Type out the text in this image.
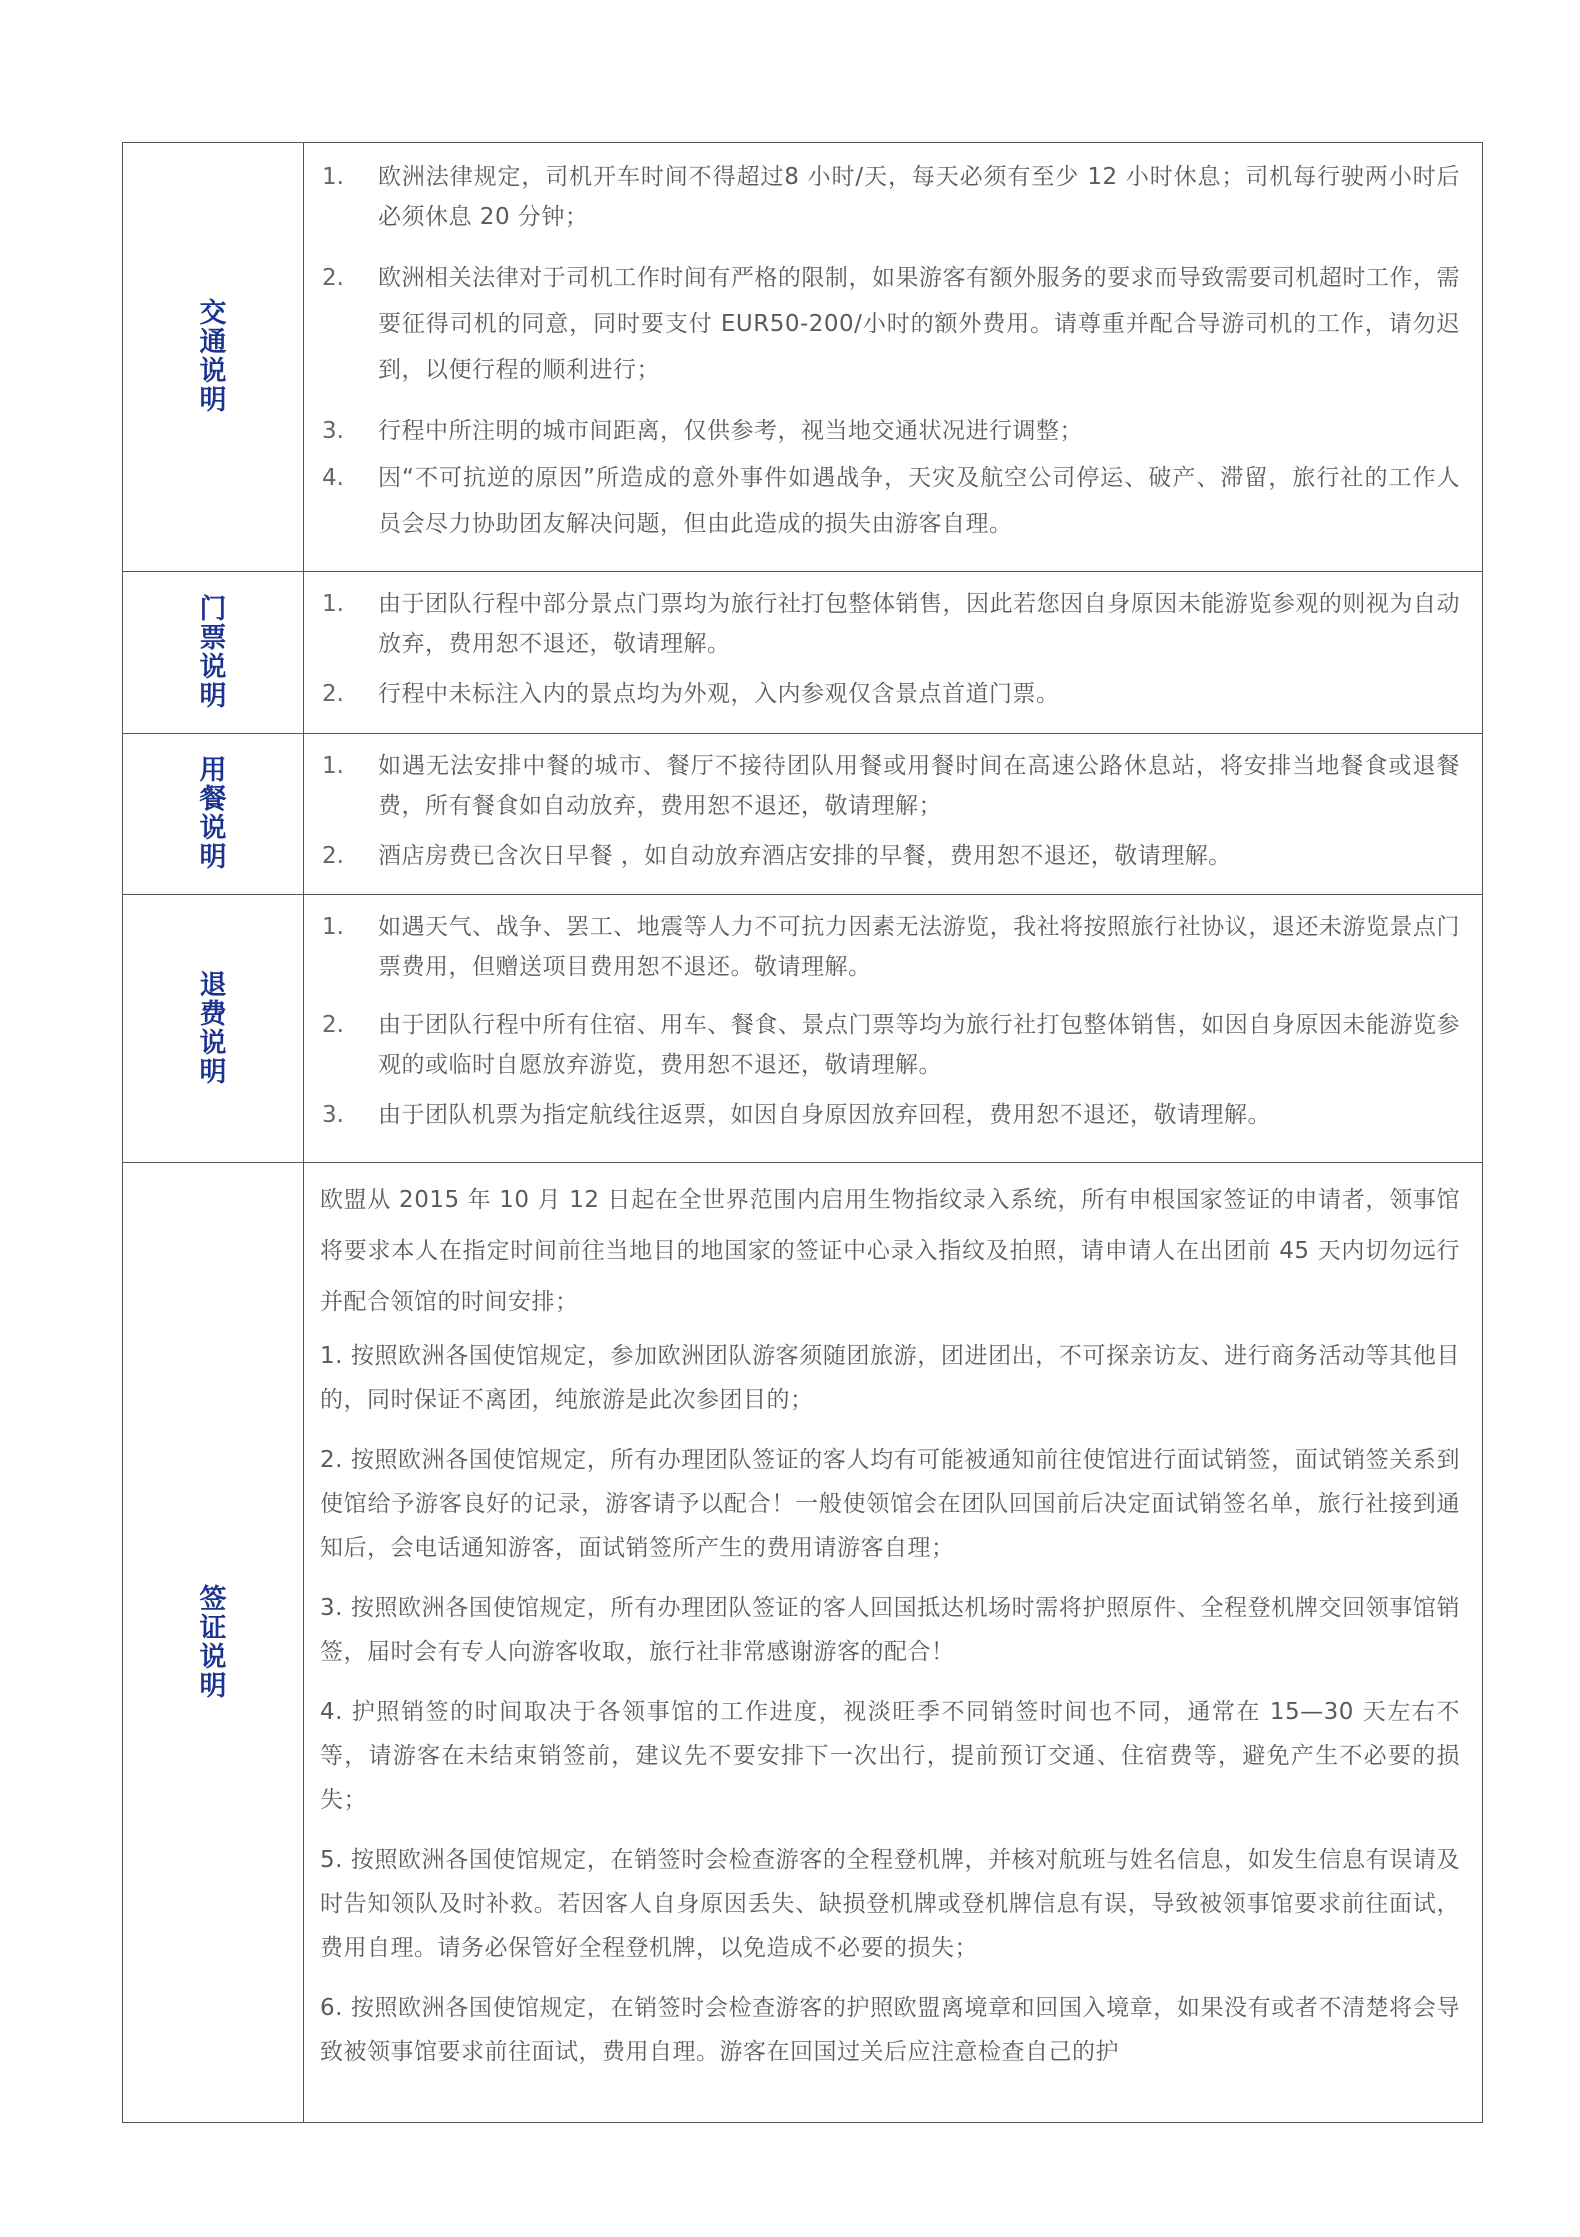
交通说明	
1.	欧洲法律规定，司机开车时间不得超过8 小时/天，每天必须有至少 12 小时休息；司机每行驶两小时后必须休息 20 分钟；
2.	欧洲相关法律对于司机工作时间有严格的限制，如果游客有额外服务的要求而导致需要司机超时工作，需要征得司机的同意，同时要支付 EUR50-200/小时的额外费用。请尊重并配合导游司机的工作，请勿迟到，以便行程的顺利进行；
3.	行程中所注明的城市间距离，仅供参考，视当地交通状况进行调整；
4.	因“不可抗逆的原因”所造成的意外事件如遇战争，天灾及航空公司停运、破产、滞留，旅行社的工作人员会尽力协助团友解决问题，但由此造成的损失由游客自理。

门票说明	1. 由于团队行程中部分景点门票均为旅行社打包整体销售，因此若您因自身原因未能游览参观的则视为自动放弃，费用恕不退还，敬请理解。
2. 行程中未标注入内的景点均为外观，入内参观仅含景点首道门票。

用餐说明	1. 如遇无法安排中餐的城市、餐厅不接待团队用餐或用餐时间在高速公路休息站，将安排当地餐食或退餐费，所有餐食如自动放弃，费用恕不退还，敬请理解；
2. 酒店房费已含次日早餐 ，如自动放弃酒店安排的早餐，费用恕不退还，敬请理解。

退费说明	
1.	如遇天气、战争、罢工、地震等人力不可抗力因素无法游览，我社将按照旅行社协议，退还未游览景点门票费用，但赠送项目费用恕不退还。敬请理解。
2.	由于团队行程中所有住宿、用车、餐食、景点门票等均为旅行社打包整体销售，如因自身原因未能游览参观的或临时自愿放弃游览，费用恕不退还，敬请理解。
3.	由于团队机票为指定航线往返票，如因自身原因放弃回程，费用恕不退还，敬请理解。

签证说明	

欧盟从 2015 年 10 月 12 日起在全世界范围内启用生物指纹录入系统，所有申根国家签证的申请者，领事馆将要求本人在指定时间前往当地目的地国家的签证中心录入指纹及拍照，请申请人在出团前 45 天内切勿远行并配合领馆的时间安排；

1. 按照欧洲各国使馆规定，参加欧洲团队游客须随团旅游，团进团出，不可探亲访友、进行商务活动等其他目的，同时保证不离团，纯旅游是此次参团目的；

2. 按照欧洲各国使馆规定，所有办理团队签证的客人均有可能被通知前往使馆进行面试销签，面试销签关系到使馆给予游客良好的记录，游客请予以配合！一般使领馆会在团队回国前后决定面试销签名单，旅行社接到通知后，会电话通知游客，面试销签所产生的费用请游客自理；

3. 按照欧洲各国使馆规定，所有办理团队签证的客人回国抵达机场时需将护照原件、全程登机牌交回领事馆销签，届时会有专人向游客收取，旅行社非常感谢游客的配合！

4. 护照销签的时间取决于各领事馆的工作进度，视淡旺季不同销签时间也不同，通常在 15—30 天左右不等，请游客在未结束销签前，建议先不要安排下一次出行，提前预订交通、住宿费等，避免产生不必要的损失；

5. 按照欧洲各国使馆规定，在销签时会检查游客的全程登机牌，并核对航班与姓名信息，如发生信息有误请及时告知领队及时补救。若因客人自身原因丢失、缺损登机牌或登机牌信息有误，导致被领事馆要求前往面试，费用自理。请务必保管好全程登机牌，以免造成不必要的损失；

6. 按照欧洲各国使馆规定，在销签时会检查游客的护照欧盟离境章和回国入境章，如果没有或者不清楚将会导致被领事馆要求前往面试，费用自理。游客在回国过关后应注意检查自己的护
